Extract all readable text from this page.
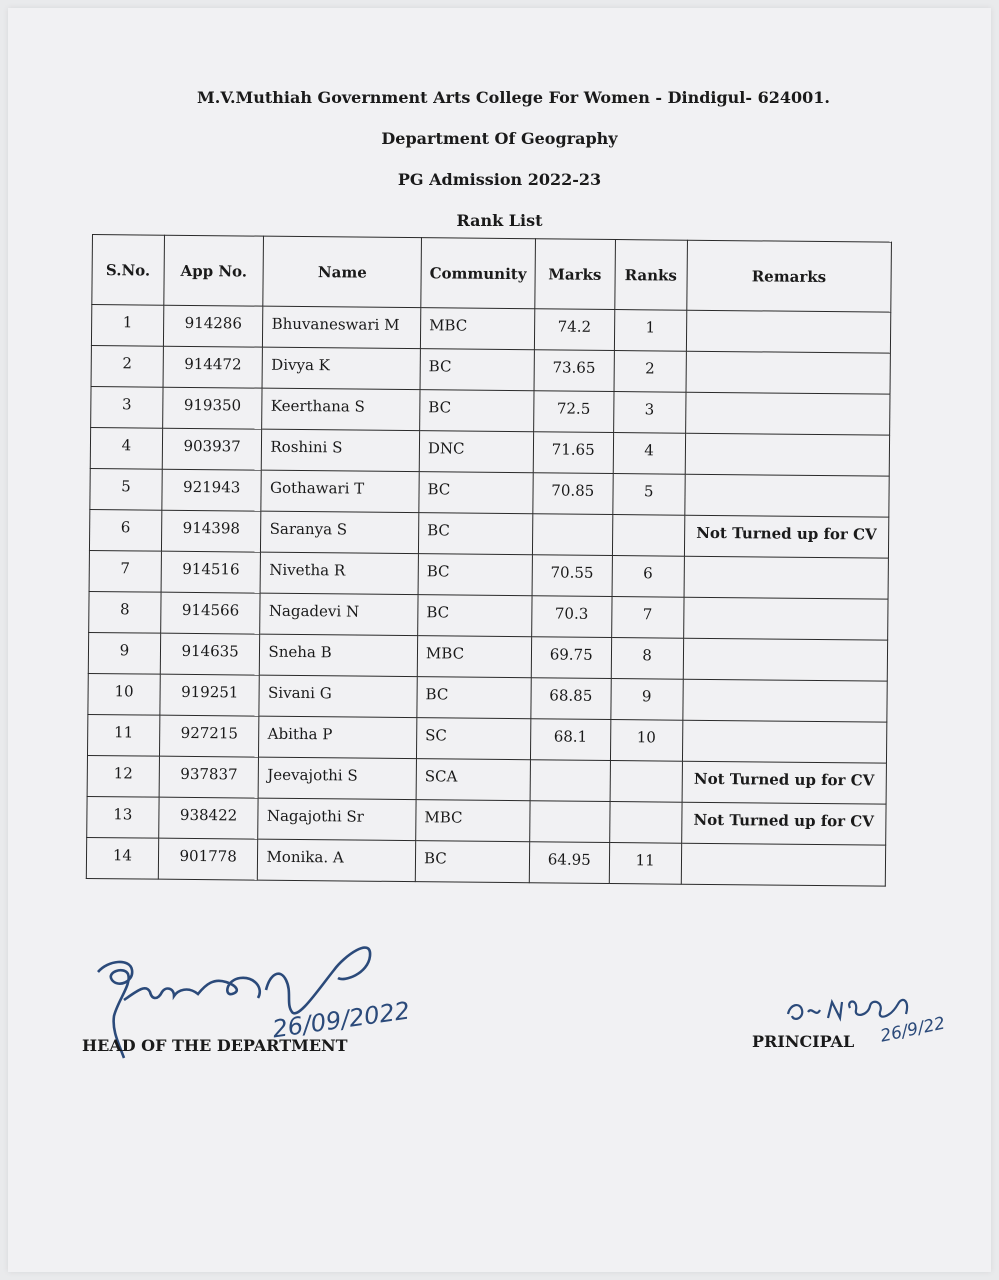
M.V.Muthiah Government Arts College For Women - Dindigul- 624001.
Department Of Geography
PG Admission 2022-23
Rank List
S.No.	App No.	Name	Community	Marks	Ranks	Remarks
1	914286	Bhuvaneswari M	MBC	74.2	1	
2	914472	Divya K	BC	73.65	2	
3	919350	Keerthana S	BC	72.5	3	
4	903937	Roshini S	DNC	71.65	4	
5	921943	Gothawari T	BC	70.85	5	
6	914398	Saranya S	BC			Not Turned up for CV
7	914516	Nivetha R	BC	70.55	6	
8	914566	Nagadevi N	BC	70.3	7	
9	914635	Sneha B	MBC	69.75	8	
10	919251	Sivani G	BC	68.85	9	
11	927215	Abitha P	SC	68.1	10	
12	937837	Jeevajothi S	SCA			Not Turned up for CV
13	938422	Nagajothi Sr	MBC			Not Turned up for CV
14	901778	Monika. A	BC	64.95	11	
26/09/2022
HEAD OF THE DEPARTMENT	26/9/22
PRINCIPAL
